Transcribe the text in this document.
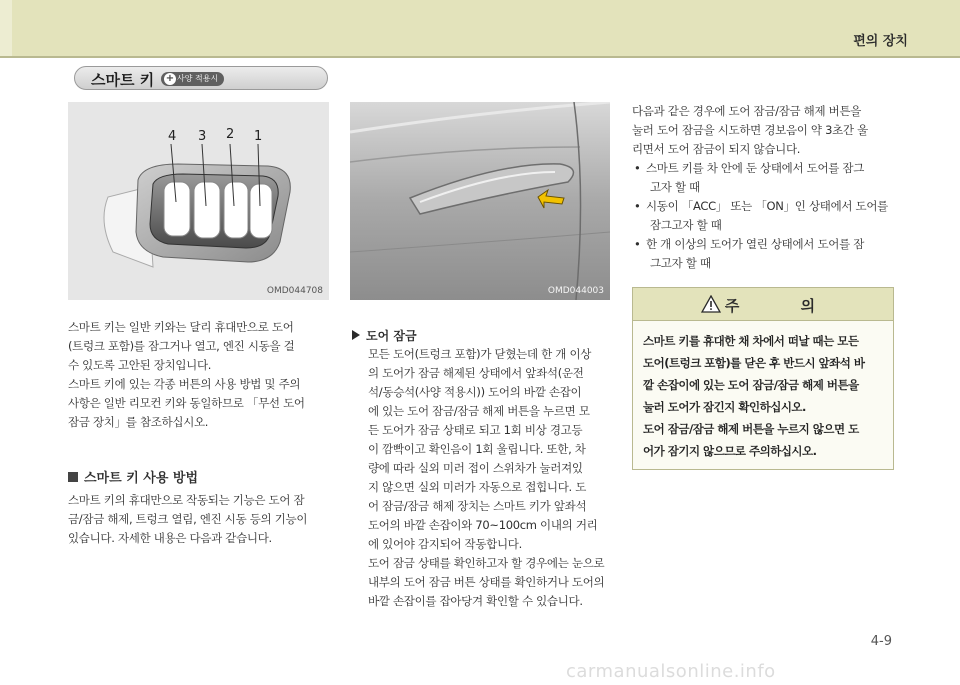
편의 장치
스마트 키 + 사양 적용시
4 3 2 1
OMD044708	OMD044003

스마트 키는 일반 키와는 달리 휴대만으로 도어

(트렁크 포함)를 잠그거나 열고, 엔진 시동을 걸

수 있도록 고안된 장치입니다.

스마트 키에 있는 각종 버튼의 사용 방법 및 주의

사항은 일반 리모컨 키와 동일하므로 「무선 도어

잠금 장치」를 참조하십시오.

스마트 키 사용 방법

스마트 키의 휴대만으로 작동되는 기능은 도어 잠

금/잠금 해제, 트렁크 열림, 엔진 시동 등의 기능이

있습니다. 자세한 내용은 다음과 같습니다.

도어 잠금

모든 도어(트렁크 포함)가 닫혔는데 한 개 이상

의 도어가 잠금 해제된 상태에서 앞좌석(운전

석/동승석(사양 적용시)) 도어의 바깥 손잡이

에 있는 도어 잠금/잠금 해제 버튼을 누르면 모

든 도어가 잠금 상태로 되고 1회 비상 경고등

이 깜빡이고 확인음이 1회 울립니다. 또한, 차

량에 따라 실외 미러 접이 스위차가 눌러져있

지 않으면 실외 미러가 자동으로 접힙니다. 도

어 잠금/잠금 해제 장치는 스마트 키가 앞좌석

도어의 바깥 손잡이와 70~100cm 이내의 거리

에 있어야 감지되어 작동합니다.

도어 잠금 상태를 확인하고자 할 경우에는 눈으로

내부의 도어 잠금 버튼 상태를 확인하거나 도어의

바깥 손잡이를 잡아당겨 확인할 수 있습니다.

다음과 같은 경우에 도어 잠금/잠금 해제 버튼을

눌러 도어 잠금을 시도하면 경보음이 약 3초간 울

리면서 도어 잠금이 되지 않습니다.

• 스마트 키를 차 안에 둔 상태에서 도어를 잠그

고자 할 때

• 시동이 「ACC」 또는 「ON」인 상태에서 도어를

잠그고자 할 때

• 한 개 이상의 도어가 열린 상태에서 도어를 잠

그고자 할 때

주 의

스마트 키를 휴대한 채 차에서 떠날 때는 모든

도어(트렁크 포함)를 닫은 후 반드시 앞좌석 바

깥 손잡이에 있는 도어 잠금/잠금 해제 버튼을

눌러 도어가 잠긴지 확인하십시오.

도어 잠금/잠금 해제 버튼을 누르지 않으면 도

어가 잠기지 않으므로 주의하십시오.

4-9
carmanualsonline.info
